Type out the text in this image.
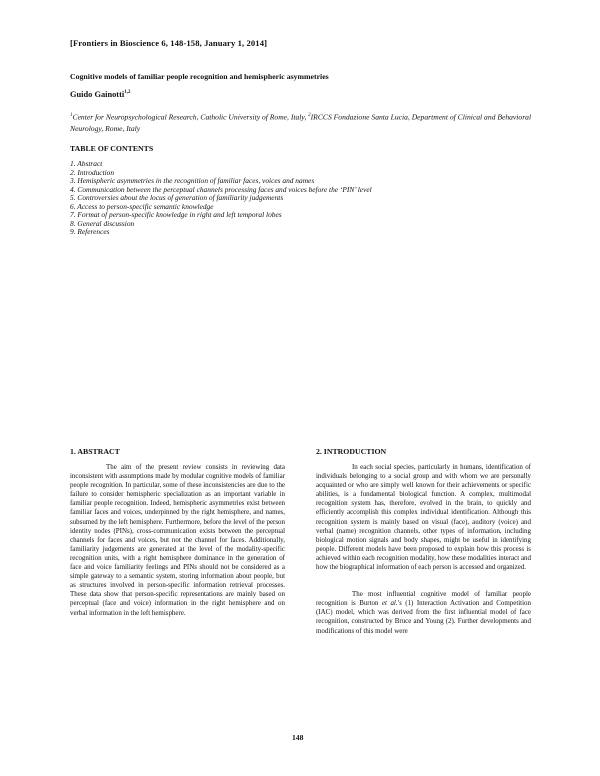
[Frontiers in Bioscience 6, 148-158, January 1, 2014]
Cognitive models of familiar people recognition and hemispheric asymmetries
Guido Gainotti$^{1,2}$
$^1$Center for Neuropsychological Research, Catholic University of Rome, Italy, $^2$IRCCS Fondazione Santa Lucia, Department of Clinical and Behavioral Neurology, Rome, Italy
TABLE OF CONTENTS
1. Abstract
2. Introduction
3. Hemispheric asymmetries in the recognition of familiar faces, voices and names
4. Communication between the perceptual channels processing faces and voices before the ‘PIN’ level
5. Controversies about the locus of generation of familiarity judgements
6. Access to person-specific semantic knowledge
7. Format of person-specific knowledge in right and left temporal lobes
8. General discussion
9. References
1. ABSTRACT

The aim of the present review consists in reviewing data inconsistent with assumptions made by modular cognitive models of familiar people recognition. In particular, some of these inconsistencies are due to the failure to consider hemispheric specialization as an important variable in familiar people recognition. Indeed, hemispheric asymmetries exist between familiar faces and voices, underpinned by the right hemisphere, and names, subsumed by the left hemisphere. Furthermore, before the level of the person identity nodes (PINs), cross-communication exists between the perceptual channels for faces and voices, but not the channel for faces. Additionally, familiarity judgements are generated at the level of the modality-specific recognition units, with a right hemisphere dominance in the generation of face and voice familiarity feelings and PINs should not be considered as a simple gateway to a semantic system, storing information about people, but as structures involved in person-specific information retrieval processes. These data show that person-specific representations are mainly based on perceptual (face and voice) information in the right hemisphere and on verbal information in the left hemisphere.

2. INTRODUCTION

In each social species, particularly in humans, identification of individuals belonging to a social group and with whom we are personally acquainted or who are simply well known for their achievements or specific abilities, is a fundamental biological function. A complex, multimodal recognition system has, therefore, evolved in the brain, to quickly and efficiently accomplish this complex individual identification. Although this recognition system is mainly based on visual (face), auditory (voice) and verbal (name) recognition channels, other types of information, including biological motion signals and body shapes, might be useful in identifying people. Different models have been proposed to explain how this process is achieved within each recognition modality, how these modalities interact and how the biographical information of each person is accessed and organized.

The most influential cognitive model of familiar people recognition is Burton et al.'s (1) Interaction Activation and Competition (IAC) model, which was derived from the first influential model of face recognition, constructed by Bruce and Young (2). Further developments and modifications of this model were

148
